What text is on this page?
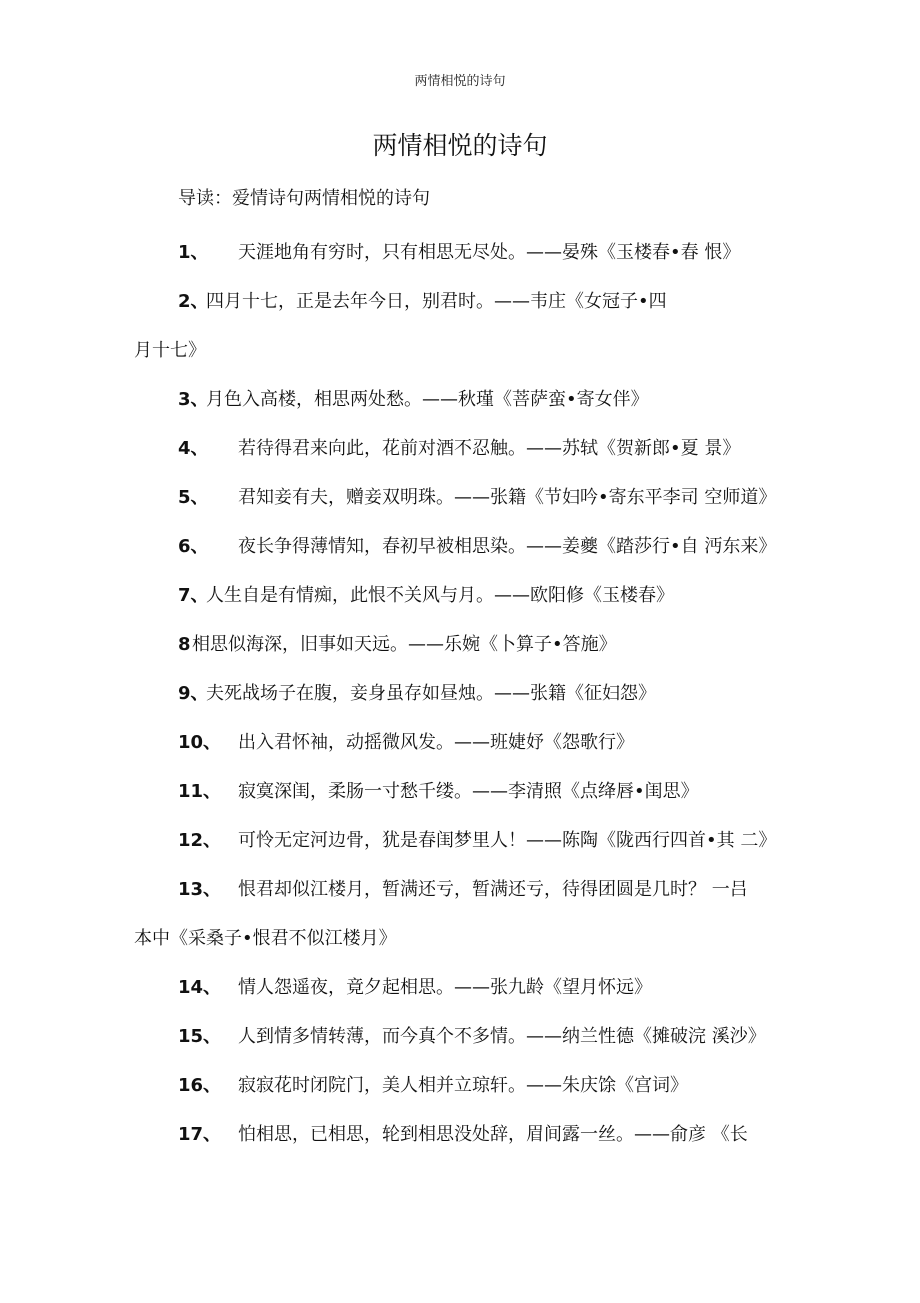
两情相悦的诗句
两情相悦的诗句
导读：爱情诗句两情相悦的诗句
1、 天涯地角有穷时，只有相思无尽处。——晏殊《玉楼春•春 恨》
2、
四月十七，正是去年今日，别君时。——韦庄《女冠子•四
月十七》
3、
月色入高楼，相思两处愁。——秋瑾《菩萨蛮•寄女伴》
4、 若待得君来向此，花前对酒不忍触。——苏轼《贺新郎•夏 景》
5、 君知妾有夫，赠妾双明珠。——张籍《节妇吟•寄东平李司 空师道》
6、 夜长争得薄情知，春初早被相思染。——姜夔《踏莎行•自 沔东来》
7、
人生自是有情痴，此恨不关风与月。——欧阳修《玉楼春》
8 相思似海深，旧事如天远。——乐婉《卜算子•答施》
9、
夫死战场子在腹，妾身虽存如昼烛。——张籍《征妇怨》
10、 出入君怀袖，动摇微风发。——班婕妤《怨歌行》
11、 寂寞深闺，柔肠一寸愁千缕。——李清照《点绛唇•闺思》
12、 可怜无定河边骨，犹是春闺梦里人！——陈陶《陇西行四首•其 二》
13、 恨君却似江楼月，暂满还亏，暂满还亏，待得团圆是几时？ 一吕
本中《采桑子•恨君不似江楼月》
14、 情人怨遥夜，竟夕起相思。——张九龄《望月怀远》
15、 人到情多情转薄，而今真个不多情。——纳兰性德《摊破浣 溪沙》
16、 寂寂花时闭院门，美人相并立琼轩。——朱庆馀《宫词》
17、 怕相思，已相思，轮到相思没处辞，眉间露一丝。——俞彦 《长
